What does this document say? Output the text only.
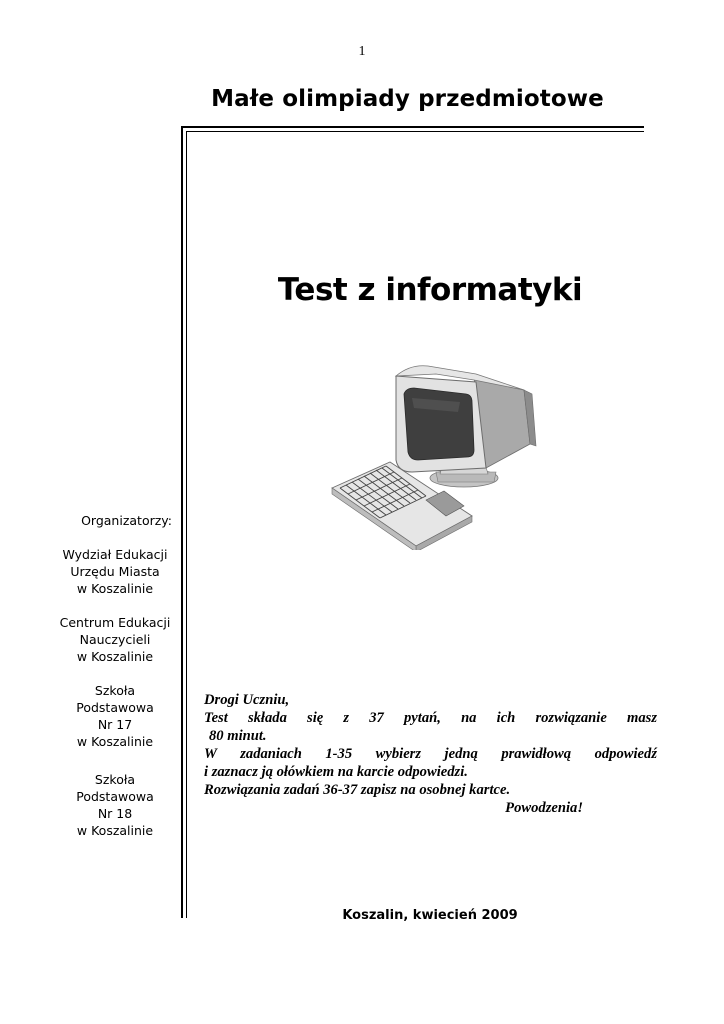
1
Małe olimpiady przedmiotowe
Test z informatyki
Organizatorzy:
Wydział Edukacji
Urzędu Miasta
w Koszalinie
Centrum Edukacji
Nauczycieli
w Koszalinie
Szkoła
Podstawowa
Nr 17
w Koszalinie
Szkoła
Podstawowa
Nr 18
w Koszalinie
Drogi Uczniu,
Test składa się z 37 pytań, na ich rozwiązanie masz
80 minut.
W zadaniach 1-35 wybierz jedną prawidłową odpowiedź
i zaznacz ją ołówkiem na karcie odpowiedzi.
Rozwiązania zadań 36-37 zapisz na osobnej kartce.
Powodzenia!
Koszalin, kwiecień 2009
